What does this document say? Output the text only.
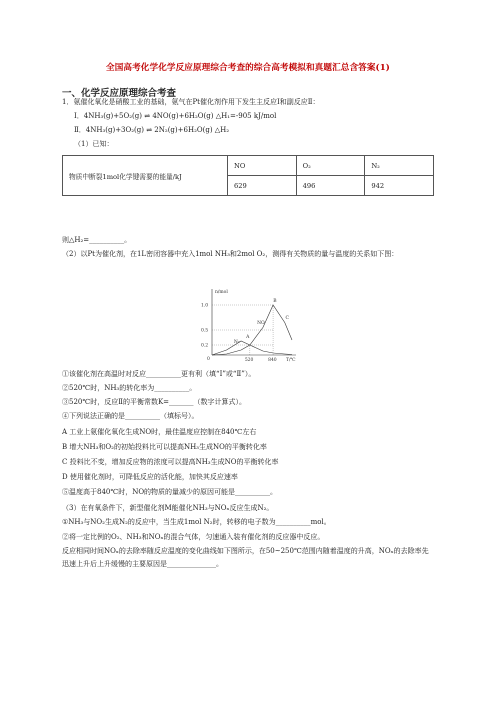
全国高考化学化学反应原理综合考查的综合高考模拟和真题汇总含答案(1)
一、化学反应原理综合考查
1．氨催化氧化是硝酸工业的基础，氨气在Pt催化剂作用下发生主反应Ⅰ和副反应Ⅱ：
Ⅰ．4NH₃(g)+5O₂(g) ⇌ 4NO(g)+6H₂O(g) △H₁=-905 kJ/mol
Ⅱ．4NH₃(g)+3O₂(g) ⇌ 2N₂(g)+6H₂O(g) △H₂
（1）已知：
物质中断裂1mol化学键需要的能量/kJ	NO	O₂	N₂
	629	496	942
则△H₂=__________。
（2）以Pt为催化剂，在1L密闭容器中充入1mol NH₃和2mol O₂，测得有关物质的量与温度的关系如下图：
n/mol
T/℃
0
1.0
0.5
0.2
520	840
B
C
NO
A
N₂
①该催化剂在高温时对反应__________更有利（填“Ⅰ”或“Ⅱ”）。
②520℃时，NH₃的转化率为__________。
③520℃时，反应Ⅱ的平衡常数K=_______（数字计算式）。
④下列说法正确的是__________（填标号）。
A 工业上氨催化氧化生成NO时，最佳温度应控制在840℃左右
B 增大NH₃和O₂的初始投料比可以提高NH₃生成NO的平衡转化率
C 投料比不变，增加反应物的浓度可以提高NH₃生成NO的平衡转化率
D 使用催化剂时，可降低反应的活化能，加快其反应速率
⑤温度高于840℃时，NO的物质的量减少的原因可能是__________。
（3）在有氧条件下，新型催化剂M能催化NH₃与NOₓ反应生成N₂。
①NH₃与NO₂生成N₂的反应中，当生成1mol N₂时，转移的电子数为__________mol。
②将一定比例的O₂、NH₃和NOₓ的混合气体，匀速通入装有催化剂的反应器中反应。
反应相同时间NOₓ的去除率随反应温度的变化曲线如下图所示，在50~250℃范围内随着温度的升高，NOₓ的去除率先迅速上升后上升缓慢的主要原因是______________。
